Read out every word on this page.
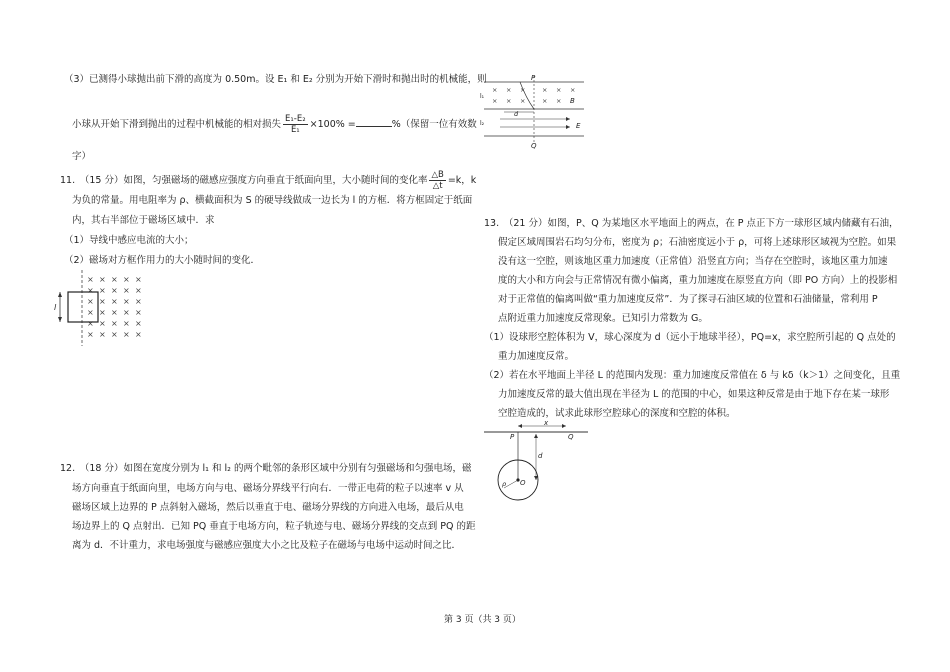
（3）已测得小球抛出前下滑的高度为 0.50m。设 E₁ 和 E₂ 分别为开始下滑时和抛出时的机械能，则
小球从开始下滑到抛出的过程中机械能的相对损失 $\frac{\text{E₁-E₂}}{\text{E₁}} \times 100\%$ =	%（保留一位有效数
字）
11.　（15 分）如图，匀强磁场的磁感应强度方向垂直于纸面向里，大小随时间的变化率 $\frac{\triangle B}{\triangle t} =k$，k
为负的常量。用电阻率为 ρ、横截面积为 S 的硬导线做成一边长为 l 的方框．将方框固定于纸面
内，其右半部位于磁场区域中．求
（1）导线中感应电流的大小；
（2）磁场对方框作用力的大小随时间的变化．
× × × × ×
× × × × ×
× × × × ×
× × × × ×
× × × × ×
× × × × ×
l
12.　（18 分）如图在宽度分别为 l₁ 和 l₂ 的两个毗邻的条形区域中分别有匀强磁场和匀强电场，磁
场方向垂直于纸面向里，电场方向与电、磁场分界线平行向右．一带正电荷的粒子以速率 v 从
磁场区域上边界的 P 点斜射入磁场，然后以垂直于电、磁场分界线的方向进入电场，最后从电
场边界上的 Q 点射出．已知 PQ 垂直于电场方向，粒子轨迹与电、磁场分界线的交点到 PQ 的距
离为 d．不计重力，求电场强度与磁感应强度大小之比及粒子在磁场与电场中运动时间之比．
P
Q
× × ×	× × ×
× × ×	× × B
d
E
l₁
l₂
13.　（21 分）如图，P、Q 为某地区水平地面上的两点，在 P 点正下方一球形区域内储藏有石油，
假定区域周围岩石均匀分布，密度为 ρ；石油密度远小于 ρ，可将上述球形区域视为空腔。如果
没有这一空腔，则该地区重力加速度（正常值）沿竖直方向；当存在空腔时，该地区重力加速
度的大小和方向会与正常情况有微小偏离，重力加速度在原竖直方向（即 PO 方向）上的投影相
对于正常值的偏离叫做“重力加速度反常”．为了探寻石油区域的位置和石油储量，常利用 P
点附近重力加速度反常现象。已知引力常数为 G。
（1）设球形空腔体积为 V，球心深度为 d（远小于地球半径），PQ=x，求空腔所引起的 Q 点处的
重力加速度反常。
（2）若在水平地面上半径 L 的范围内发现：重力加速度反常值在 δ 与 kδ（k＞1）之间变化，且重
力加速度反常的最大值出现在半径为 L 的范围的中心，如果这种反常是由于地下存在某一球形
空腔造成的，试求此球形空腔球心的深度和空腔的体积。
x
P	Q
d
O
ρ
第 3 页（共 3 页）
